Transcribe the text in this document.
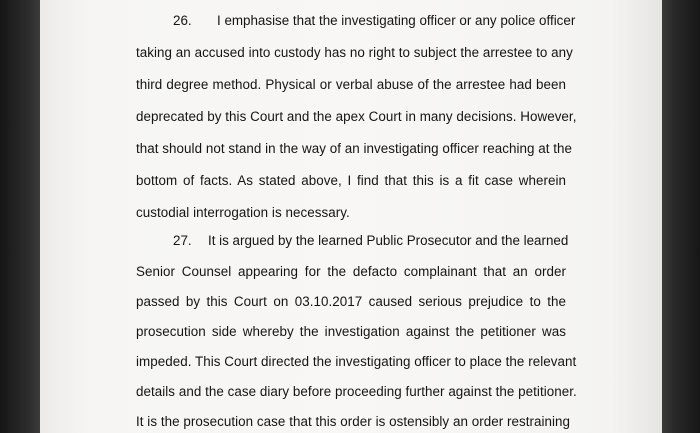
26. I emphasise that the investigating officer or any police officer

taking an accused into custody has no right to subject the arrestee to any

third degree method. Physical or verbal abuse of the arrestee had been

deprecated by this Court and the apex Court in many decisions. However,

that should not stand in the way of an investigating officer reaching at the

bottom of facts. As stated above, I find that this is a fit case wherein

custodial interrogation is necessary.

27. It is argued by the learned Public Prosecutor and the learned

Senior Counsel appearing for the defacto complainant that an order

passed by this Court on 03.10.2017 caused serious prejudice to the

prosecution side whereby the investigation against the petitioner was

impeded. This Court directed the investigating officer to place the relevant

details and the case diary before proceeding further against the petitioner.

It is the prosecution case that this order is ostensibly an order restraining
